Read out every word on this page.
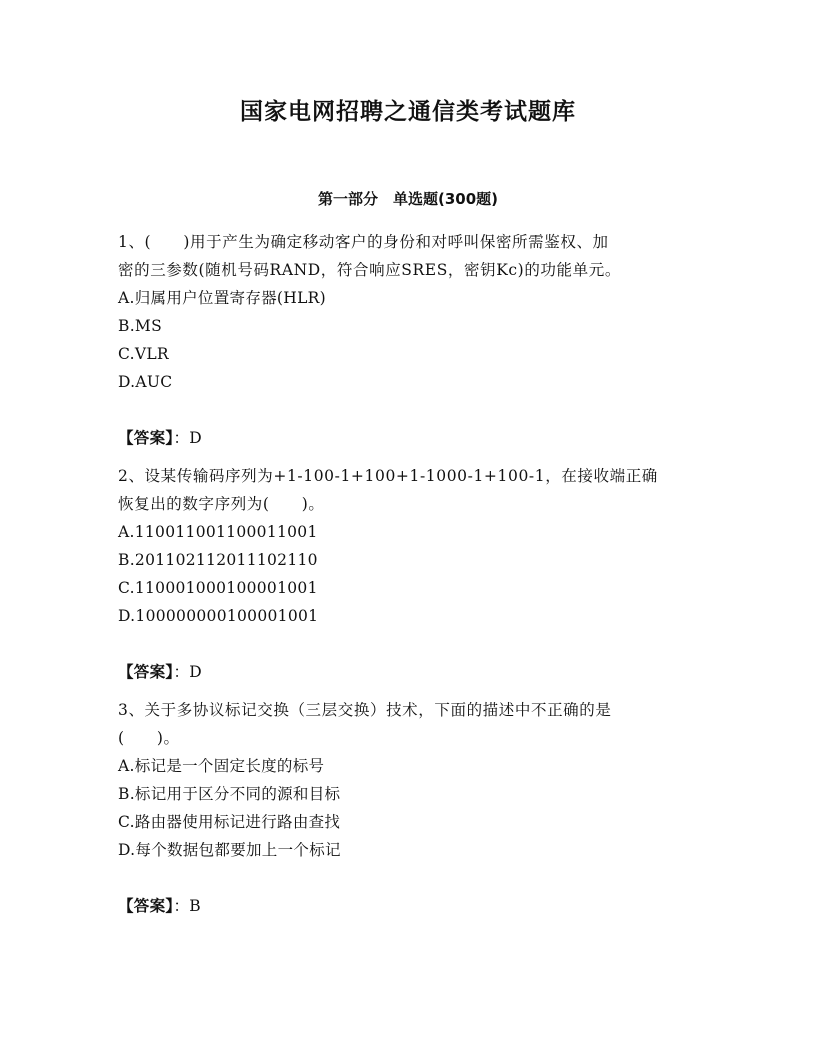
国家电网招聘之通信类考试题库
第一部分　单选题(300题)

1、(　　)用于产生为确定移动客户的身份和对呼叫保密所需鉴权、加

密的三参数(随机号码RAND，符合响应SRES，密钥Kc)的功能单元。

A.归属用户位置寄存器(HLR)

B.MS

C.VLR

D.AUC

【答案】：D

2、设某传输码序列为+1-100-1+100+1-1000-1+100-1，在接收端正确

恢复出的数字序列为(　　)。

A.110011001100011001

B.201102112011102110

C.110001000100001001

D.100000000100001001

【答案】：D

3、关于多协议标记交换（三层交换）技术，下面的描述中不正确的是

(　　)。

A.标记是一个固定长度的标号

B.标记用于区分不同的源和目标

C.路由器使用标记进行路由查找

D.每个数据包都要加上一个标记

【答案】：B
